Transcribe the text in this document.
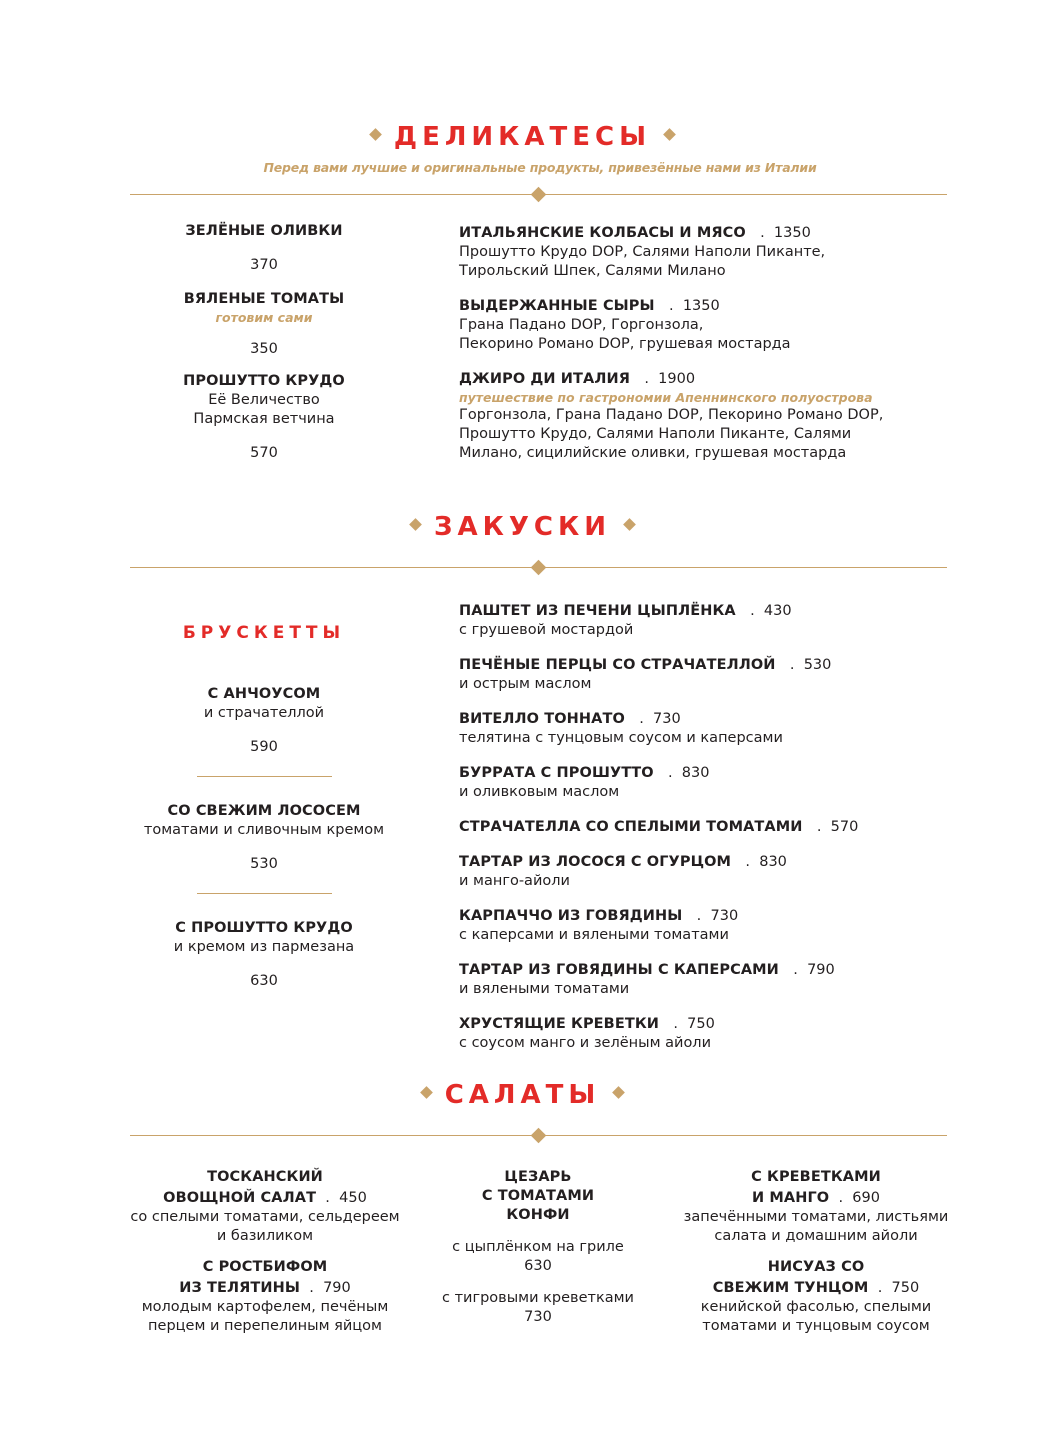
ДЕЛИКАТЕСЫ
Перед вами лучшие и оригинальные продукты, привезённые нами из Италии
ЗЕЛЁНЫЕ ОЛИВКИ
370
ВЯЛЕНЫЕ ТОМАТЫ
готовим сами
350
ПРОШУТТО КРУДО
Её Величество
Пармская ветчина
570
ИТАЛЬЯНСКИЕ КОЛБАСЫ И МЯСО . 1350
Прошутто Крудо DOP, Салями Наполи Пиканте,
Тирольский Шпек, Салями Милано
ВЫДЕРЖАННЫЕ СЫРЫ . 1350
Грана Падано DOP, Горгонзола,
Пекорино Романо DOP, грушевая мостарда
ДЖИРО ДИ ИТАЛИЯ . 1900
путешествие по гастрономии Апеннинского полуострова
Горгонзола, Грана Падано DOP, Пекорино Романо DOP,
Прошутто Крудо, Салями Наполи Пиканте, Салями
Милано, сицилийские оливки, грушевая мостарда
ЗАКУСКИ
БРУСКЕТТЫ
С АНЧОУСОМ
и страчателлой
590
СО СВЕЖИМ ЛОСОСЕМ
томатами и сливочным кремом
530
С ПРОШУТТО КРУДО
и кремом из пармезана
630
ПАШТЕТ ИЗ ПЕЧЕНИ ЦЫПЛЁНКА . 430
с грушевой мостардой
ПЕЧЁНЫЕ ПЕРЦЫ СО СТРАЧАТЕЛЛОЙ . 530
и острым маслом
ВИТЕЛЛО ТОННАТО . 730
телятина с тунцовым соусом и каперсами
БУРРАТА С ПРОШУТТО . 830
и оливковым маслом
СТРАЧАТЕЛЛА СО СПЕЛЫМИ ТОМАТАМИ . 570
ТАРТАР ИЗ ЛОСОСЯ С ОГУРЦОМ . 830
и манго-айоли
КАРПАЧЧО ИЗ ГОВЯДИНЫ . 730
с каперсами и вялеными томатами
ТАРТАР ИЗ ГОВЯДИНЫ С КАПЕРСАМИ . 790
и вялеными томатами
ХРУСТЯЩИЕ КРЕВЕТКИ . 750
с соусом манго и зелёным айоли
САЛАТЫ
ТОСКАНСКИЙ
ОВОЩНОЙ САЛАТ . 450
со спелыми томатами, сельдереем
и базиликом
С РОСТБИФОМ
ИЗ ТЕЛЯТИНЫ . 790
молодым картофелем, печёным
перцем и перепелиным яйцом
ЦЕЗАРЬ
С ТОМАТАМИ
КОНФИ
с цыплёнком на гриле
630
с тигровыми креветками
730
С КРЕВЕТКАМИ
И МАНГО . 690
запечёнными томатами, листьями
салата и домашним айоли
НИСУАЗ СО
СВЕЖИМ ТУНЦОМ . 750
кенийской фасолью, спелыми
томатами и тунцовым соусом
